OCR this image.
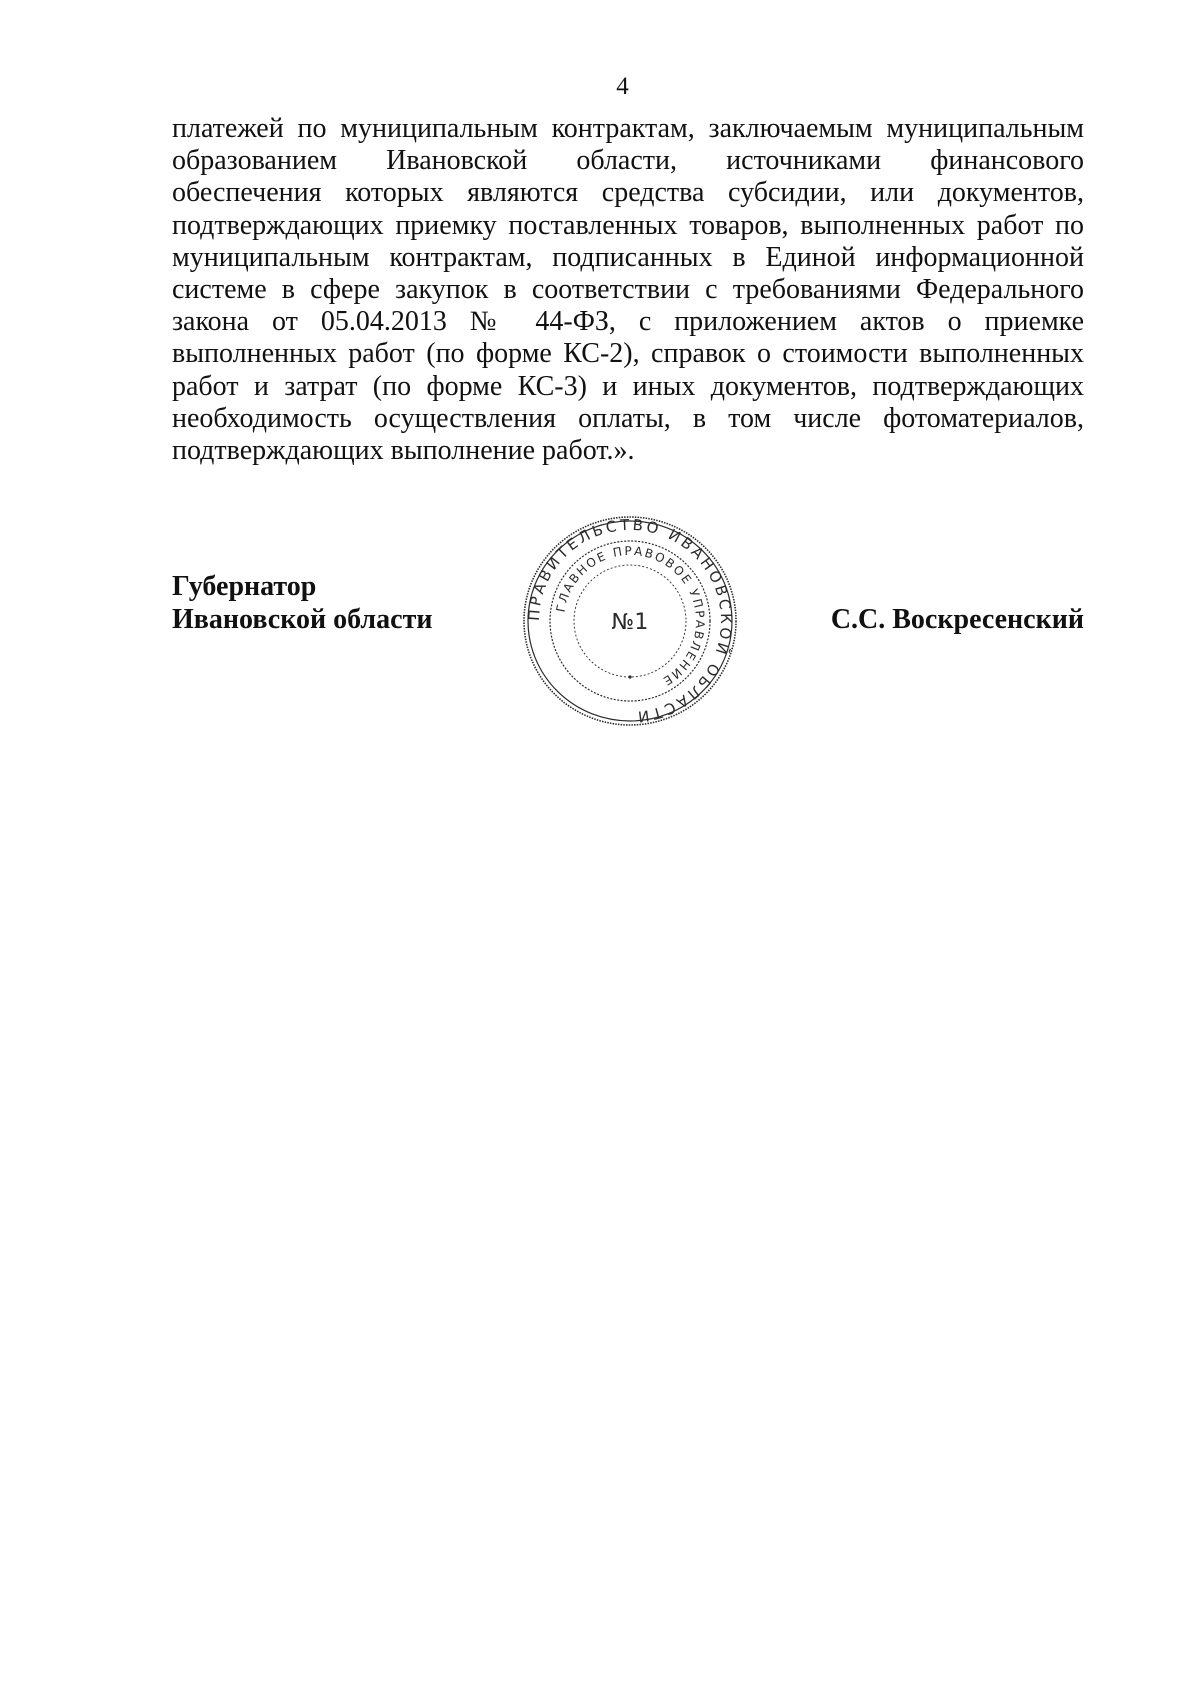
4
платежей по муниципальным контрактам, заключаемым муниципальным
образованием Ивановской области, источниками финансового
обеспечения которых являются средства субсидии, или документов,
подтверждающих приемку поставленных товаров, выполненных работ по
муниципальным контрактам, подписанных в Единой информационной
системе в сфере закупок в соответствии с требованиями Федерального
закона от 05.04.2013 № 44-ФЗ, с приложением актов о приемке
выполненных работ (по форме КС-2), справок о стоимости выполненных
работ и затрат (по форме КС-3) и иных документов, подтверждающих
необходимость осуществления оплаты, в том числе фотоматериалов,
подтверждающих выполнение работ.».
Губернатор
Ивановской области	ПРАВИТЕЛЬСТВО ИВАНОВСКОЙ ОБЛАСТИ
ГЛАВНОЕ ПРАВОВОЕ УПРАВЛЕНИЕ
№1	С.С. Воскресенский
